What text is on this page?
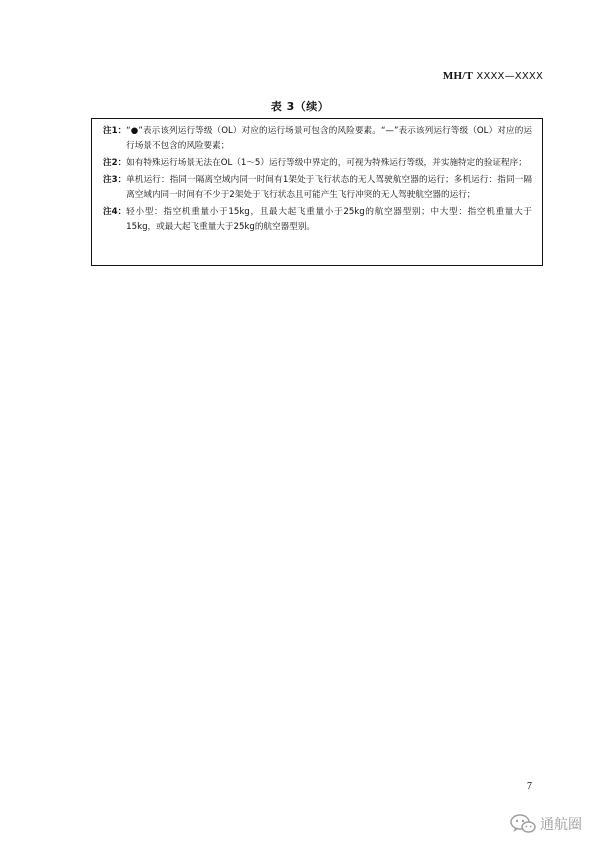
MH/T XXXX—XXXX
表 3（续）
注1： “●”表示该列运行等级（OL）对应的运行场景可包含的风险要素。“—”表示该列运行等级（OL）对应的运行场景不包含的风险要素；
注2： 如有特殊运行场景无法在OL（1～5）运行等级中界定的，可视为特殊运行等级，并实施特定的验证程序；
注3： 单机运行：指同一隔离空域内同一时间有1架处于飞行状态的无人驾驶航空器的运行；多机运行：指同一隔离空域内同一时间有不少于2架处于飞行状态且可能产生飞行冲突的无人驾驶航空器的运行；
注4： 轻小型：指空机重量小于15kg，且最大起飞重量小于25kg的航空器型别；中大型：指空机重量大于15kg，或最大起飞重量大于25kg的航空器型别。
7
通航圈
